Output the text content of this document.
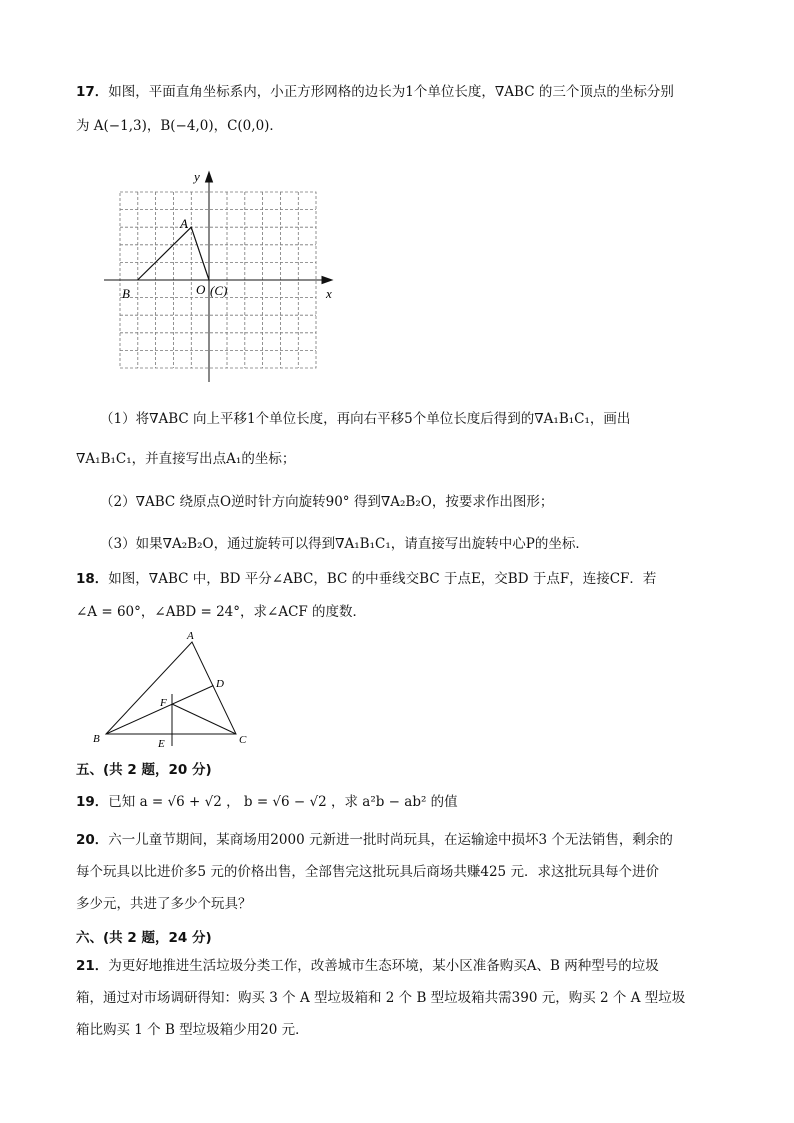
17．如图，平面直角坐标系内，小正方形网格的边长为1个单位长度，∇ABC 的三个顶点的坐标分别

为 A(−1,3)，B(−4,0)，C(0,0)．

y
x
A
B	O (C)

（1）将∇ABC 向上平移1个单位长度，再向右平移5个单位长度后得到的∇A₁B₁C₁，画出

∇A₁B₁C₁，并直接写出点A₁的坐标；

（2）∇ABC 绕原点O逆时针方向旋转90° 得到∇A₂B₂O，按要求作出图形；

（3）如果∇A₂B₂O，通过旋转可以得到∇A₁B₁C₁，请直接写出旋转中心P的坐标．

18．如图，∇ABC 中，BD 平分∠ABC，BC 的中垂线交BC 于点E，交BD 于点F，连接CF．若

∠A = 60°，∠ABD = 24°，求∠ACF 的度数．

A
B	C
D
E
F
五、(共 2 题，20 分)

19．已知 a = √6 + √2 ， b = √6 − √2 ，求 a²b − ab² 的值

20．六一儿童节期间，某商场用2000 元新进一批时尚玩具，在运输途中损坏3 个无法销售，剩余的

每个玩具以比进价多5 元的价格出售，全部售完这批玩具后商场共赚425 元．求这批玩具每个进价

多少元，共进了多少个玩具？

六、(共 2 题，24 分)

21．为更好地推进生活垃圾分类工作，改善城市生态环境，某小区准备购买A、B 两种型号的垃圾

箱，通过对市场调研得知：购买 3 个 A 型垃圾箱和 2 个 B 型垃圾箱共需390 元，购买 2 个 A 型垃圾

箱比购买 1 个 B 型垃圾箱少用20 元．
